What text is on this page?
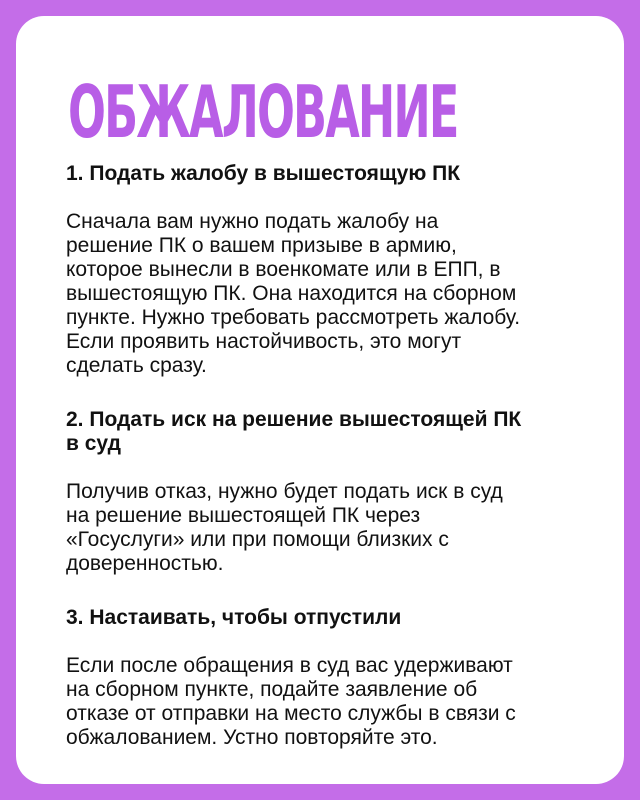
ОБЖАЛОВАНИЕ

1. Подать жалобу в вышестоящую ПК

Сначала вам нужно подать жалобу на
решение ПК о вашем призыве в армию,
которое вынесли в военкомате или в ЕПП, в
вышестоящую ПК. Она находится на сборном
пункте. Нужно требовать рассмотреть жалобу.
Если проявить настойчивость, это могут
сделать сразу.

2. Подать иск на решение вышестоящей ПК
в суд

Получив отказ, нужно будет подать иск в суд
на решение вышестоящей ПК через
«Госуслуги» или при помощи близких с
доверенностью.

3. Настаивать, чтобы отпустили

Если после обращения в суд вас удерживают
на сборном пункте, подайте заявление об
отказе от отправки на место службы в связи с
обжалованием. Устно повторяйте это.
